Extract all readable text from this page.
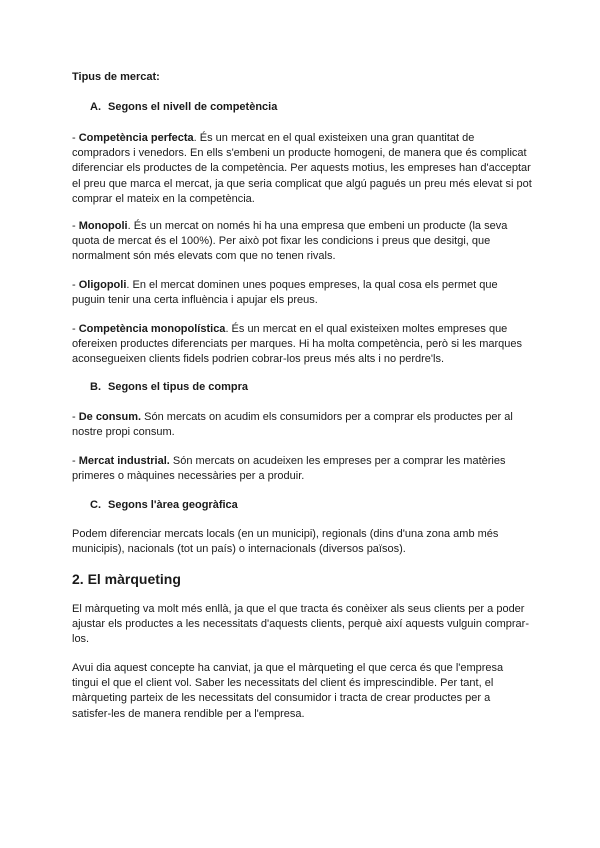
Tipus de mercat:

A. Segons el nivell de competència

- Competència perfecta. És un mercat en el qual existeixen una gran quantitat de compradors i venedors. En ells s'embeni un producte homogeni, de manera que és complicat diferenciar els productes de la competència. Per aquests motius, les empreses han d'acceptar el preu que marca el mercat, ja que seria complicat que algú pagués un preu més elevat si pot comprar el mateix en la competència.

- Monopoli. És un mercat on només hi ha una empresa que embeni un producte (la seva quota de mercat és el 100%). Per això pot fixar les condicions i preus que desitgi, que normalment són més elevats com que no tenen rivals.

- Oligopoli. En el mercat dominen unes poques empreses, la qual cosa els permet que puguin tenir una certa influència i apujar els preus.

- Competència monopolística. És un mercat en el qual existeixen moltes empreses que ofereixen productes diferenciats per marques. Hi ha molta competència, però si les marques aconsegueixen clients fidels podrien cobrar-los preus més alts i no perdre'ls.

B. Segons el tipus de compra

- De consum. Són mercats on acudim els consumidors per a comprar els productes per al nostre propi consum.

- Mercat industrial. Són mercats on acudeixen les empreses per a comprar les matèries primeres o màquines necessàries per a produir.

C. Segons l'àrea geogràfica

Podem diferenciar mercats locals (en un municipi), regionals (dins d'una zona amb més municipis), nacionals (tot un país) o internacionals (diversos països).

2. El màrqueting

El màrqueting va molt més enllà, ja que el que tracta és conèixer als seus clients per a poder ajustar els productes a les necessitats d'aquests clients, perquè així aquests vulguin comprar-los.

Avui dia aquest concepte ha canviat, ja que el màrqueting el que cerca és que l'empresa tingui el que el client vol. Saber les necessitats del client és imprescindible. Per tant, el màrqueting parteix de les necessitats del consumidor i tracta de crear productes per a satisfer-les de manera rendible per a l'empresa.
